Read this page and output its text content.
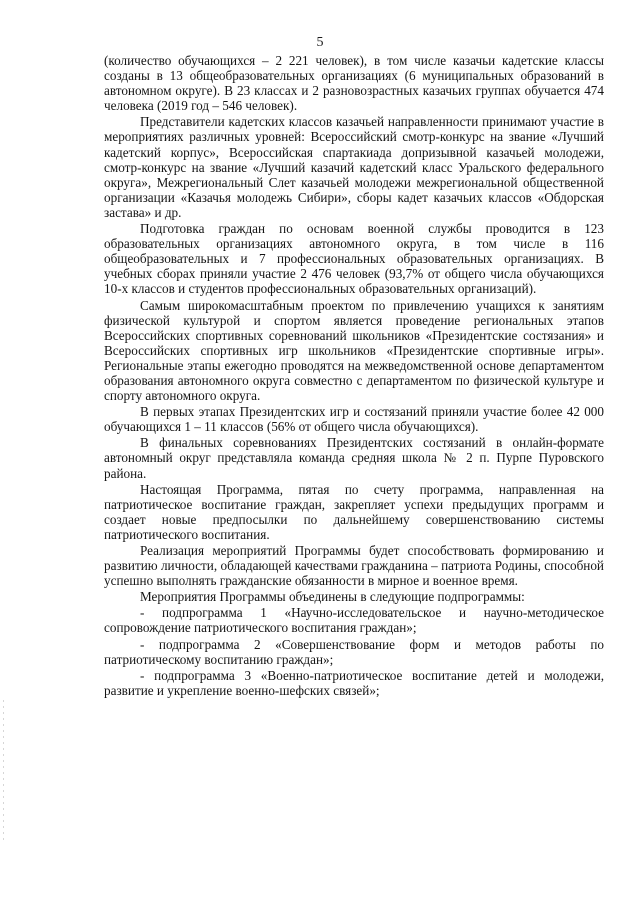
5

(количество обучающихся – 2 221 человек), в том числе казачьи кадетские классы созданы в 13 общеобразовательных организациях (6 муниципальных образований в автономном округе). В 23 классах и 2 разновозрастных казачьих группах обучается 474 человека (2019 год – 546 человек).

Представители кадетских классов казачьей направленности принимают участие в мероприятиях различных уровней: Всероссийский смотр-конкурс на звание «Лучший кадетский корпус», Всероссийская спартакиада допризывной казачьей молодежи, смотр-конкурс на звание «Лучший казачий кадетский класс Уральского федерального округа», Межрегиональный Слет казачьей молодежи межрегиональной общественной организации «Казачья молодежь Сибири», сборы кадет казачьих классов «Обдорская застава» и др.

Подготовка граждан по основам военной службы проводится в 123 образовательных организациях автономного округа, в том числе в 116 общеобразовательных и 7 профессиональных образовательных организациях. В учебных сборах приняли участие 2 476 человек (93,7% от общего числа обучающихся 10-х классов и студентов профессиональных образовательных организаций).

Самым широкомасштабным проектом по привлечению учащихся к занятиям физической культурой и спортом является проведение региональных этапов Всероссийских спортивных соревнований школьников «Президентские состязания» и Всероссийских спортивных игр школьников «Президентские спортивные игры». Региональные этапы ежегодно проводятся на межведомственной основе департаментом образования автономного округа совместно с департаментом по физической культуре и спорту автономного округа.

В первых этапах Президентских игр и состязаний приняли участие более 42 000 обучающихся 1 – 11 классов (56% от общего числа обучающихся).

В финальных соревнованиях Президентских состязаний в онлайн-формате автономный округ представляла команда средняя школа № 2 п. Пурпе Пуровского района.

Настоящая Программа, пятая по счету программа, направленная на патриотическое воспитание граждан, закрепляет успехи предыдущих программ и создает новые предпосылки по дальнейшему совершенствованию системы патриотического воспитания.

Реализация мероприятий Программы будет способствовать формированию и развитию личности, обладающей качествами гражданина – патриота Родины, способной успешно выполнять гражданские обязанности в мирное и военное время.

Мероприятия Программы объединены в следующие подпрограммы:

- подпрограмма 1 «Научно-исследовательское и научно-методическое сопровождение патриотического воспитания граждан»;

- подпрограмма 2 «Совершенствование форм и методов работы по патриотическому воспитанию граждан»;

- подпрограмма 3 «Военно-патриотическое воспитание детей и молодежи, развитие и укрепление военно-шефских связей»;
